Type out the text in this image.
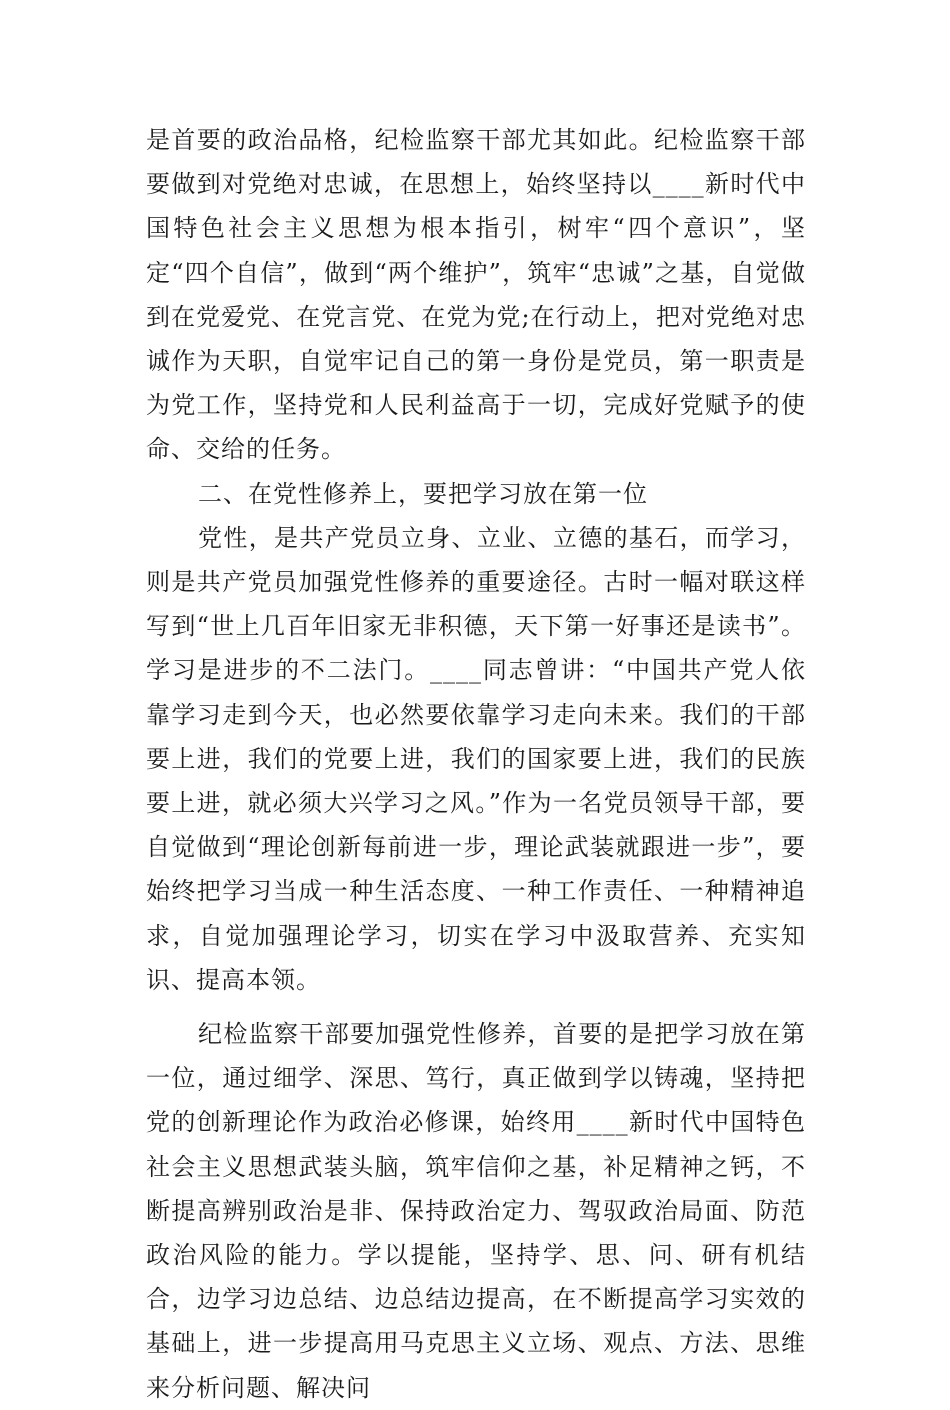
是首要的政治品格，纪检监察干部尤其如此。纪检监察干部要做到对党绝对忠诚，在思想上，始终坚持以____新时代中国特色社会主义思想为根本指引，树牢“四个意识”，坚定“四个自信”，做到“两个维护”，筑牢“忠诚”之基，自觉做到在党爱党、在党言党、在党为党;在行动上，把对党绝对忠诚作为天职，自觉牢记自己的第一身份是党员，第一职责是为党工作，坚持党和人民利益高于一切，完成好党赋予的使命、交给的任务。

二、在党性修养上，要把学习放在第一位

党性，是共产党员立身、立业、立德的基石，而学习，则是共产党员加强党性修养的重要途径。古时一幅对联这样写到“世上几百年旧家无非积德，天下第一好事还是读书”。学习是进步的不二法门。____同志曾讲：“中国共产党人依靠学习走到今天，也必然要依靠学习走向未来。我们的干部要上进，我们的党要上进，我们的国家要上进，我们的民族要上进，就必须大兴学习之风。”作为一名党员领导干部，要自觉做到“理论创新每前进一步，理论武装就跟进一步”，要始终把学习当成一种生活态度、一种工作责任、一种精神追求，自觉加强理论学习，切实在学习中汲取营养、充实知识、提高本领。

纪检监察干部要加强党性修养，首要的是把学习放在第一位，通过细学、深思、笃行，真正做到学以铸魂，坚持把党的创新理论作为政治必修课，始终用____新时代中国特色社会主义思想武装头脑，筑牢信仰之基，补足精神之钙，不断提高辨别政治是非、保持政治定力、驾驭政治局面、防范政治风险的能力。学以提能，坚持学、思、问、研有机结合，边学习边总结、边总结边提高，在不断提高学习实效的基础上，进一步提高用马克思主义立场、观点、方法、思维来分析问题、解决问
